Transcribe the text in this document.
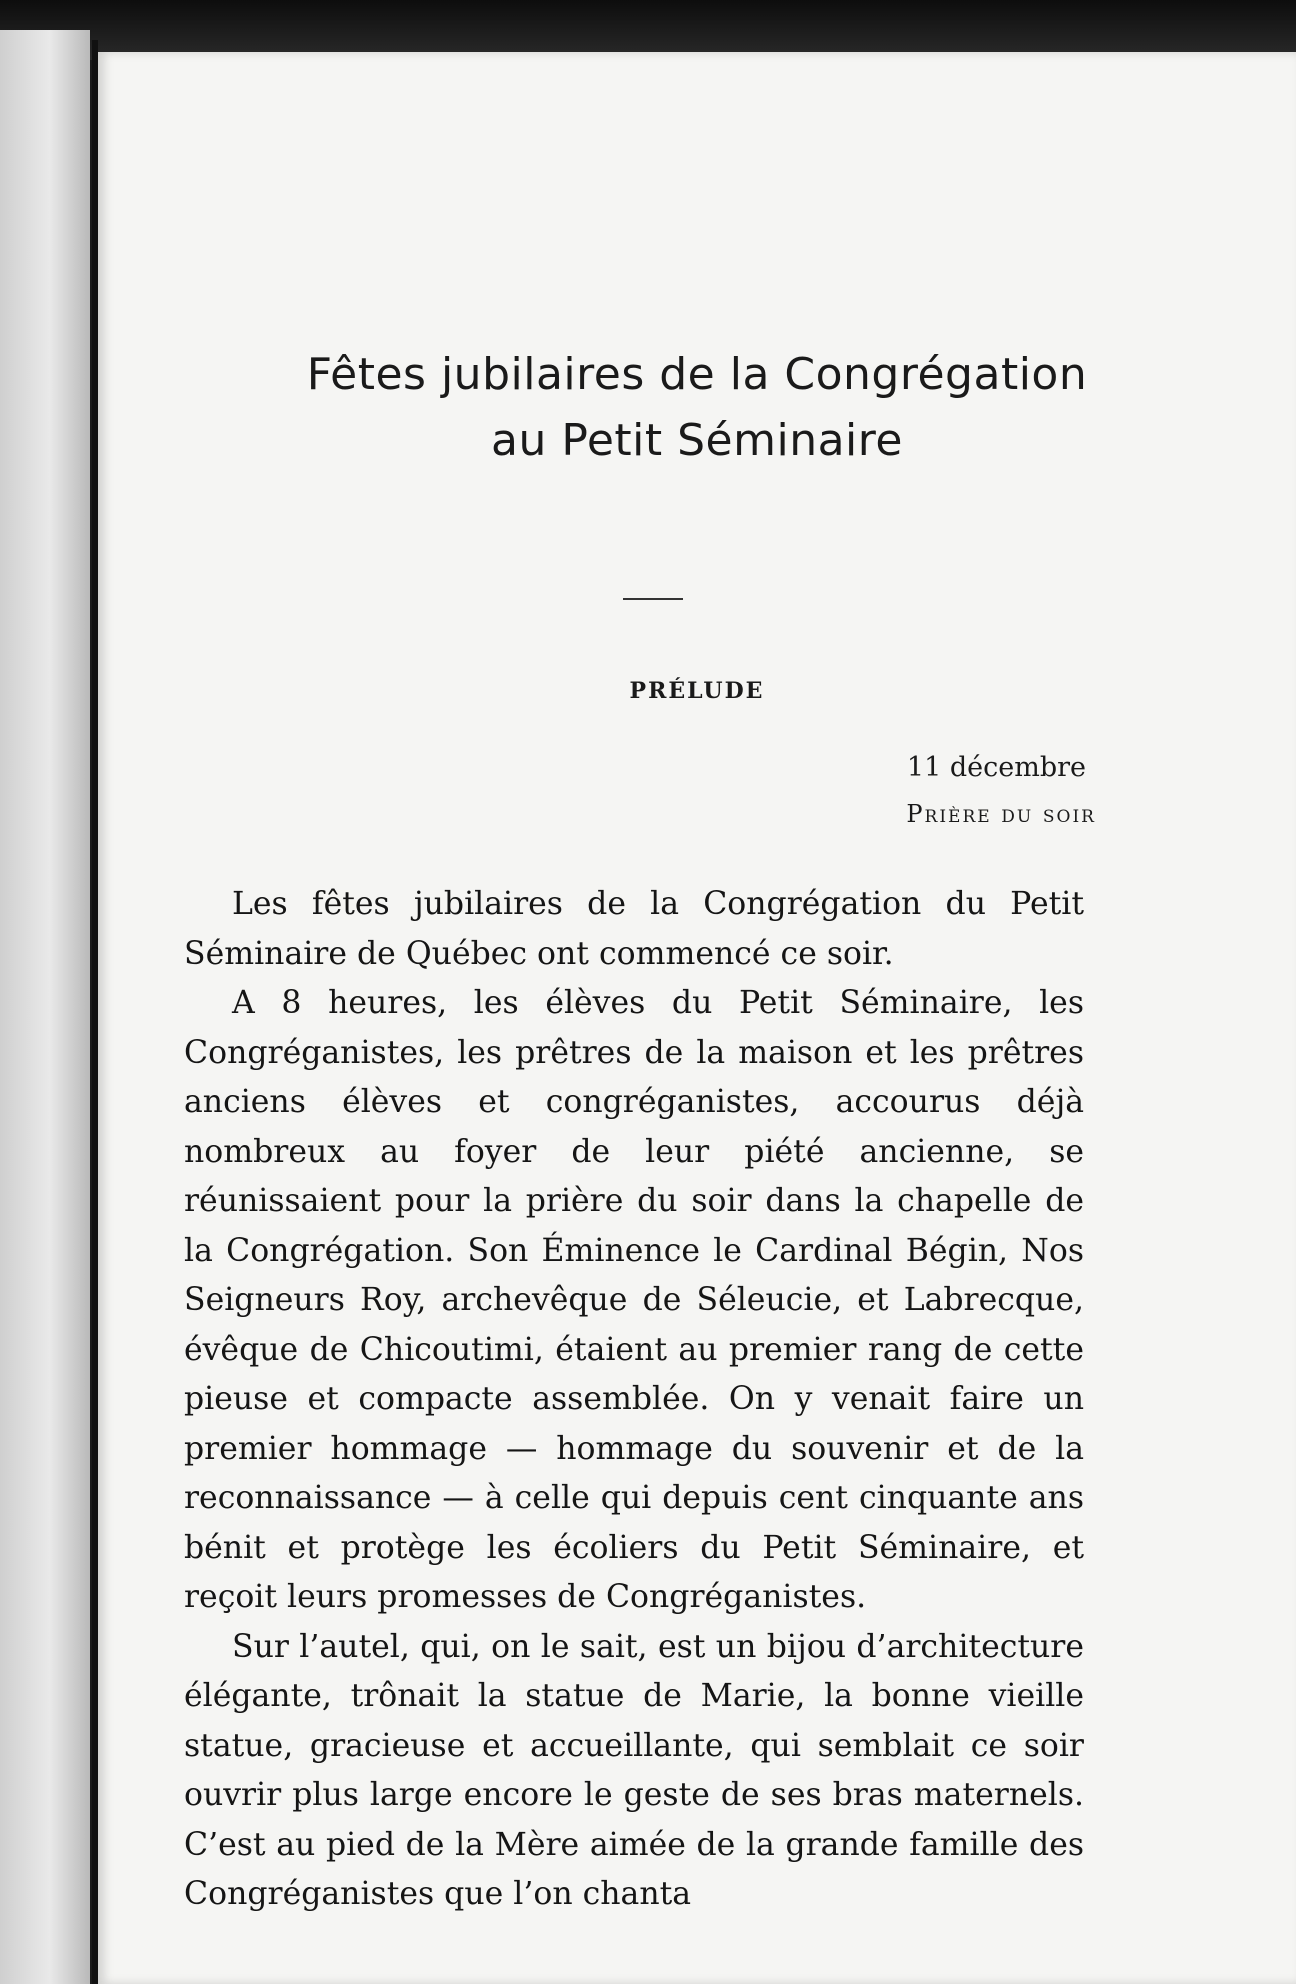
Fêtes jubilaires de la Congrégation
au Petit Séminaire
PRÉLUDE
11 décembre
Prière du soir

Les fêtes jubilaires de la Congrégation du Petit Séminaire de Québec ont commencé ce soir.

A 8 heures, les élèves du Petit Séminaire, les Congréganistes, les prêtres de la maison et les prêtres anciens élèves et congréganistes, accourus déjà nombreux au foyer de leur piété ancienne, se réunissaient pour la prière du soir dans la chapelle de la Congrégation. Son Éminence le Cardinal Bégin, Nos Seigneurs Roy, archevêque de Séleucie, et Labrecque, évêque de Chicoutimi, étaient au premier rang de cette pieuse et compacte assemblée. On y venait faire un premier hommage — hommage du souvenir et de la reconnaissance — à celle qui depuis cent cinquante ans bénit et protège les écoliers du Petit Séminaire, et reçoit leurs promesses de Congréganistes.

Sur l’autel, qui, on le sait, est un bijou d’architecture élégante, trônait la statue de Marie, la bonne vieille statue, gracieuse et accueillante, qui semblait ce soir ouvrir plus large encore le geste de ses bras maternels. C’est au pied de la Mère aimée de la grande famille des Congréganistes que l’on chanta
